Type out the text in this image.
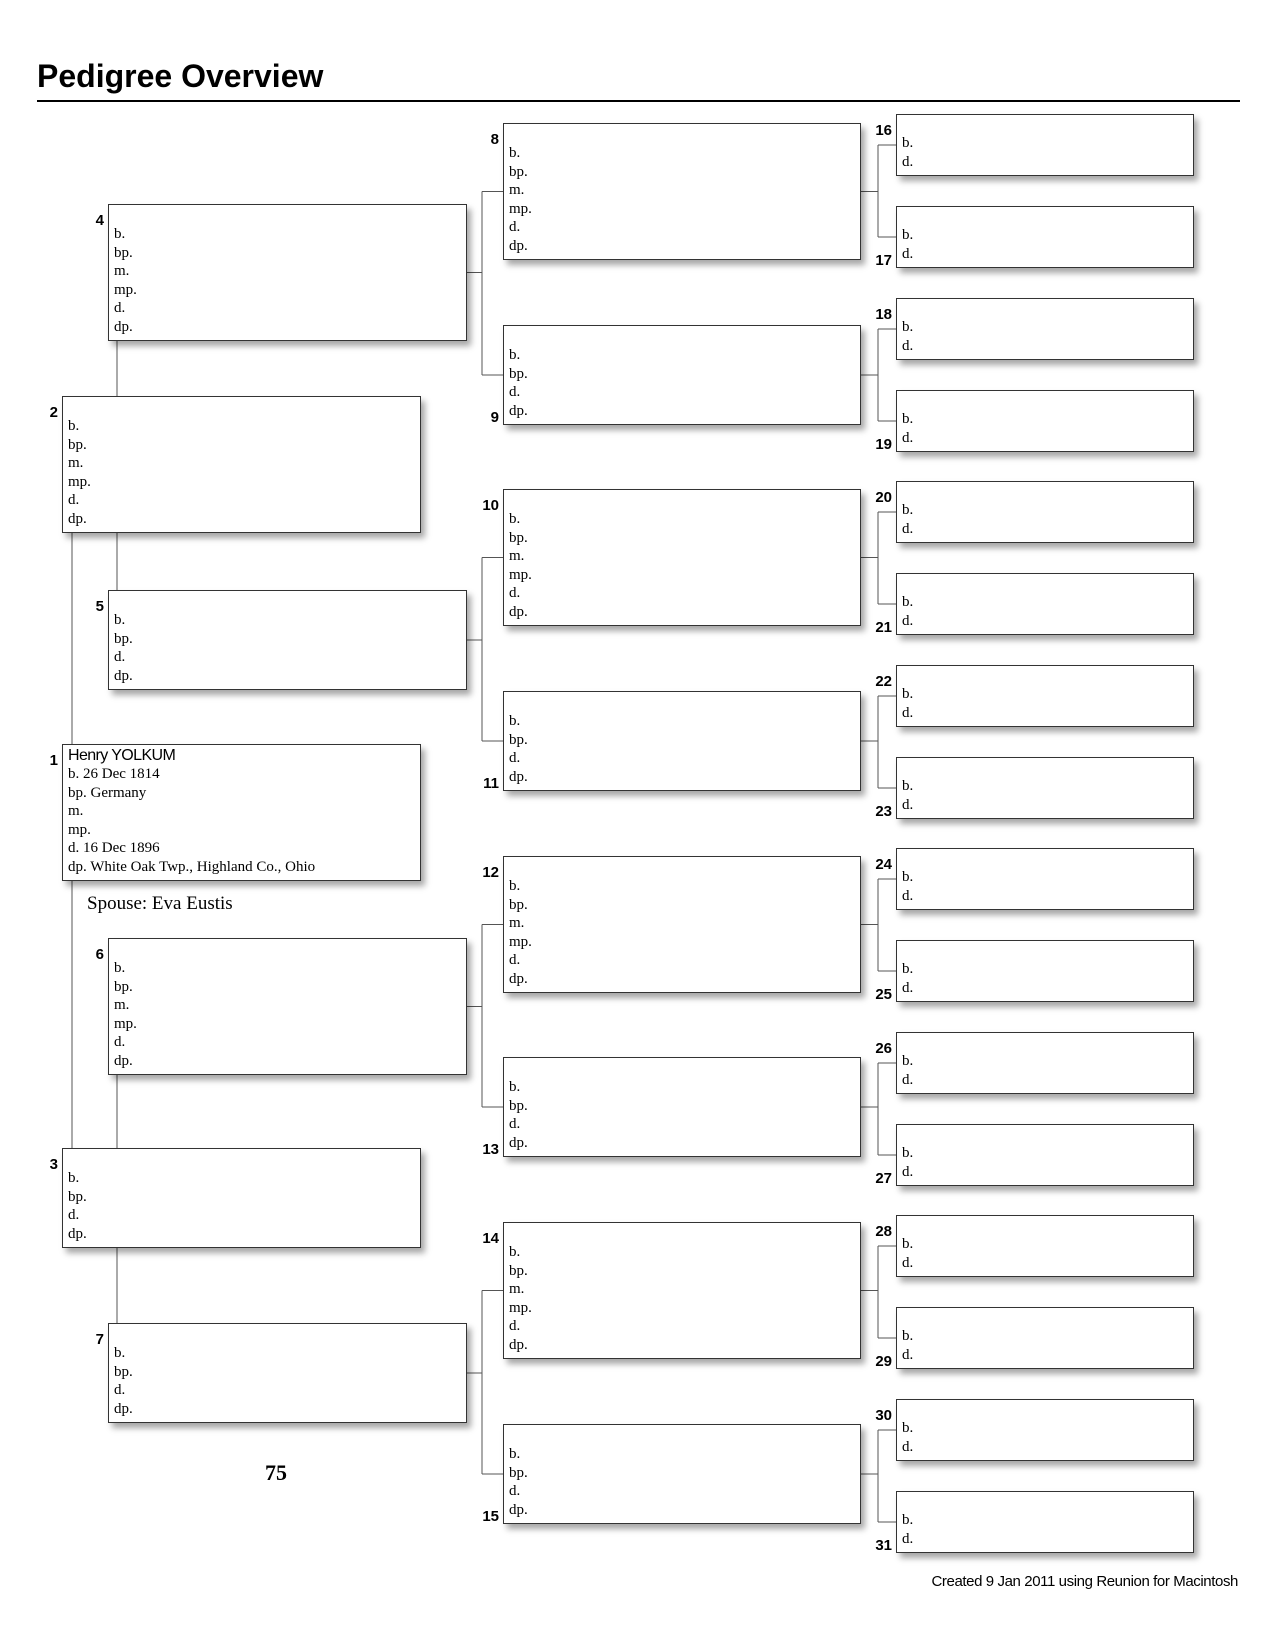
Pedigree Overview
1 Henry YOLKUM
b. 26 Dec 1814
bp. Germany
m.
mp.
d. 16 Dec 1896
dp. White Oak Twp., Highland Co., Ohio
2
b.
bp.
m.
mp.
d.
dp.
3
b.
bp.
d.
dp.
4
b.
bp.
m.
mp.
d.
dp.
5
b.
bp.
d.
dp.
6
b.
bp.
m.
mp.
d.
dp.
7
b.
bp.
d.
dp.
8
b.
bp.
m.
mp.
d.
dp.
9
b.
bp.
d.
dp.
10
b.
bp.
m.
mp.
d.
dp.
11
b.
bp.
d.
dp.
12
b.
bp.
m.
mp.
d.
dp.
13
b.
bp.
d.
dp.
14
b.
bp.
m.
mp.
d.
dp.
15
b.
bp.
d.
dp.
16
b.
d.
17
b.
d.
18
b.
d.
19
b.
d.
20
b.
d.
21
b.
d.
22
b.
d.
23
b.
d.
24
b.
d.
25
b.
d.
26
b.
d.
27
b.
d.
28
b.
d.
29
b.
d.
30
b.
d.
31
b.
d.
Spouse: Eva Eustis
75
Created 9 Jan 2011 using Reunion for Macintosh
